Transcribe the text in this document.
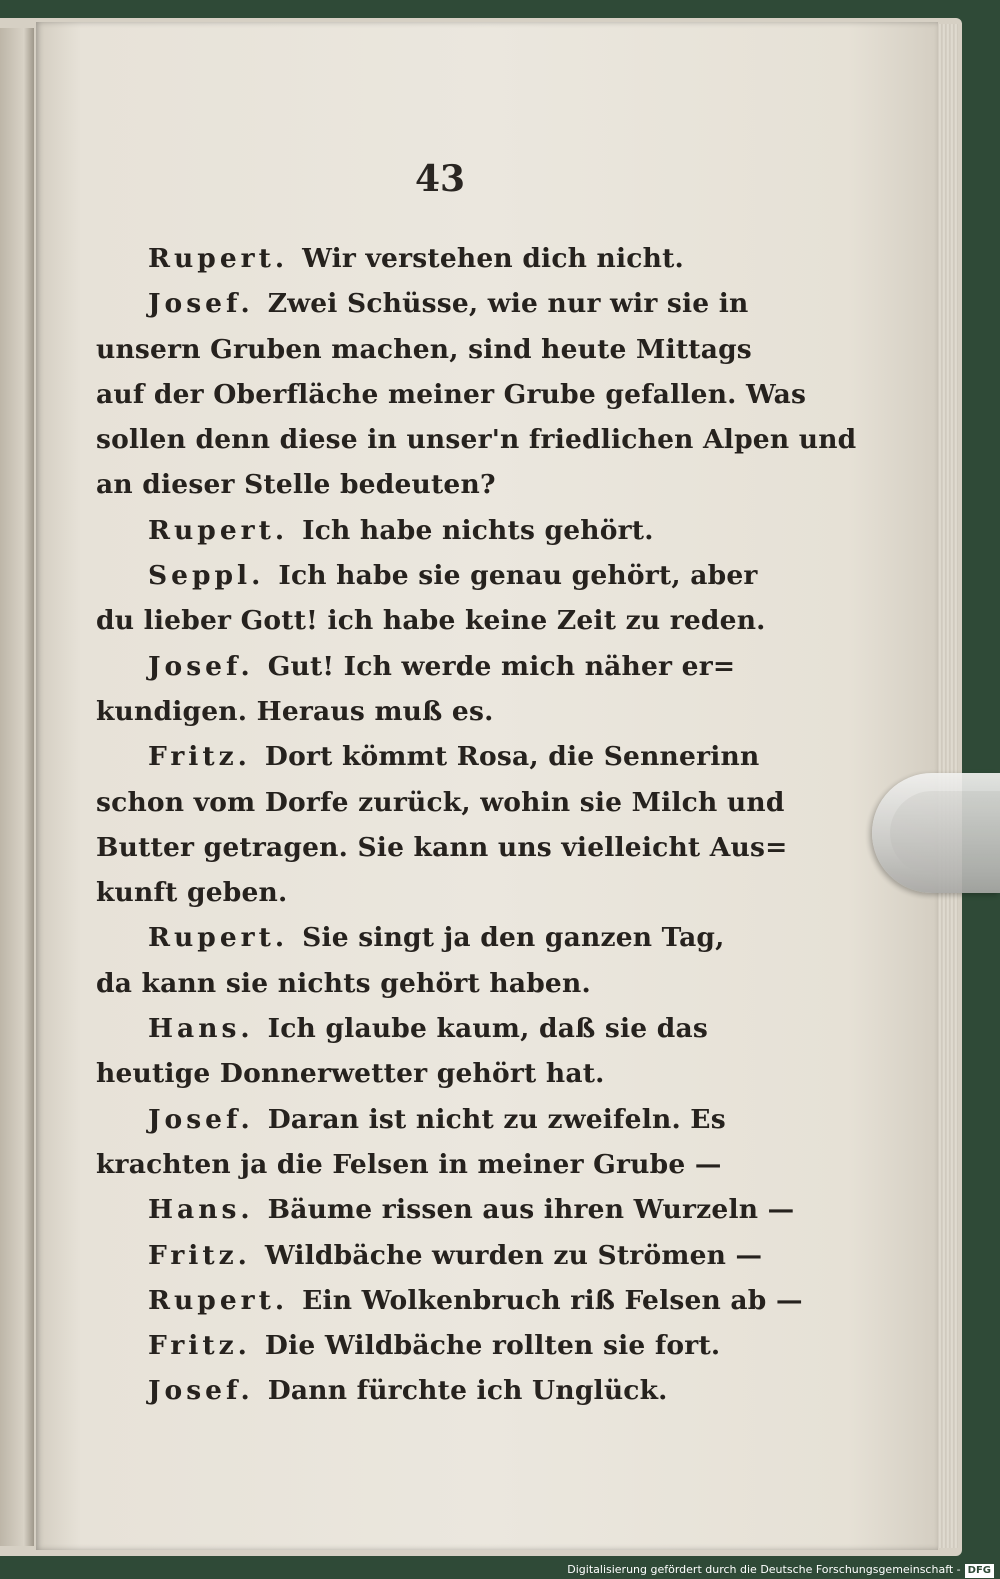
43
Rupert. Wir verstehen dich nicht.
Josef. Zwei Schüsse, wie nur wir sie in
unsern Gruben machen, sind heute Mittags
auf der Oberfläche meiner Grube gefallen. Was
sollen denn diese in unser'n friedlichen Alpen und
an dieser Stelle bedeuten?
Rupert. Ich habe nichts gehört.
Seppl. Ich habe sie genau gehört, aber
du lieber Gott! ich habe keine Zeit zu reden.
Josef. Gut! Ich werde mich näher er=
kundigen. Heraus muß es.
Fritz. Dort kömmt Rosa, die Sennerinn
schon vom Dorfe zurück, wohin sie Milch und
Butter getragen. Sie kann uns vielleicht Aus=
kunft geben.
Rupert. Sie singt ja den ganzen Tag,
da kann sie nichts gehört haben.
Hans. Ich glaube kaum, daß sie das
heutige Donnerwetter gehört hat.
Josef. Daran ist nicht zu zweifeln. Es
krachten ja die Felsen in meiner Grube —
Hans. Bäume rissen aus ihren Wurzeln —
Fritz. Wildbäche wurden zu Strömen —
Rupert. Ein Wolkenbruch riß Felsen ab —
Fritz. Die Wildbäche rollten sie fort.
Josef. Dann fürchte ich Unglück.
Digitalisierung gefördert durch die Deutsche Forschungsgemeinschaft - DFG
